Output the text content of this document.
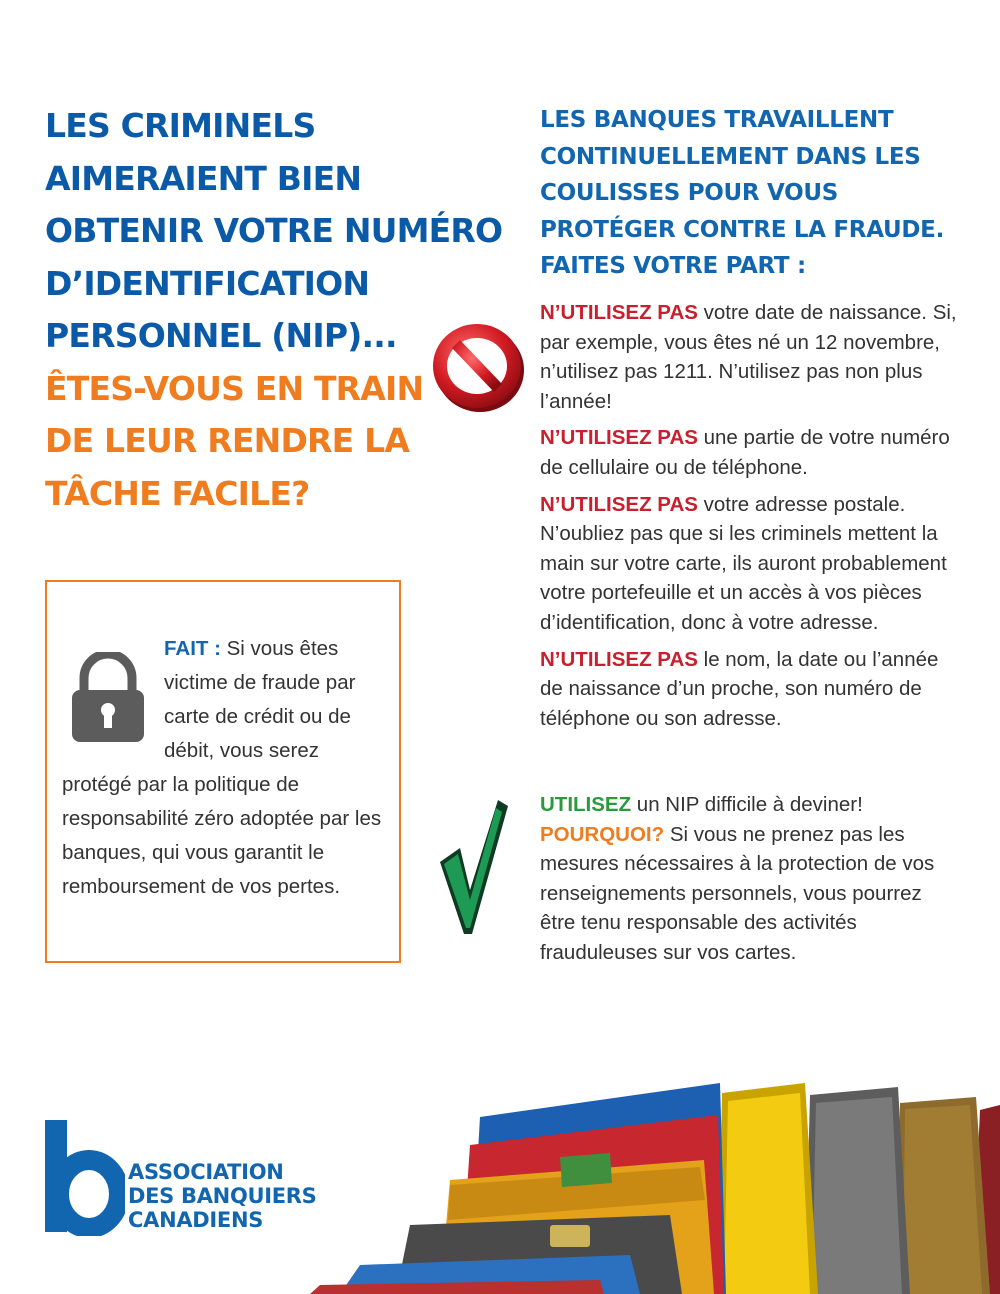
LES CRIMINELS
AIMERAIENT BIEN
OBTENIR VOTRE NUMÉRO
D’IDENTIFICATION
PERSONNEL (NIP)...
ÊTES-VOUS EN TRAIN
DE LEUR RENDRE LA
TÂCHE FACILE?
LES BANQUES TRAVAILLENT
CONTINUELLEMENT DANS LES
COULISSES POUR VOUS
PROTÉGER CONTRE LA FRAUDE.
FAITES VOTRE PART :

N’UTILISEZ PAS votre date de naissance. Si, par exemple, vous êtes né un 12 novembre, n’utilisez pas 1211. N’utilisez pas non plus l’année!

N’UTILISEZ PAS une partie de votre numéro de cellulaire ou de téléphone.

N’UTILISEZ PAS votre adresse postale. N’oubliez pas que si les criminels mettent la main sur votre carte, ils auront probablement votre portefeuille et un accès à vos pièces d’identification, donc à votre adresse.

N’UTILISEZ PAS le nom, la date ou l’année de naissance d’un proche, son numéro de téléphone ou son adresse.

UTILISEZ un NIP difficile à deviner!
POURQUOI? Si vous ne prenez pas les mesures nécessaires à la protection de vos renseignements personnels, vous pourrez être tenu responsable des activités frauduleuses sur vos cartes.

FAIT : Si vous êtes victime de fraude par carte de crédit ou de débit, vous serez protégé par la politique de responsabilité zéro adoptée par les banques, qui vous garantit le remboursement de vos pertes.

ASSOCIATION
DES BANQUIERS
CANADIENS
